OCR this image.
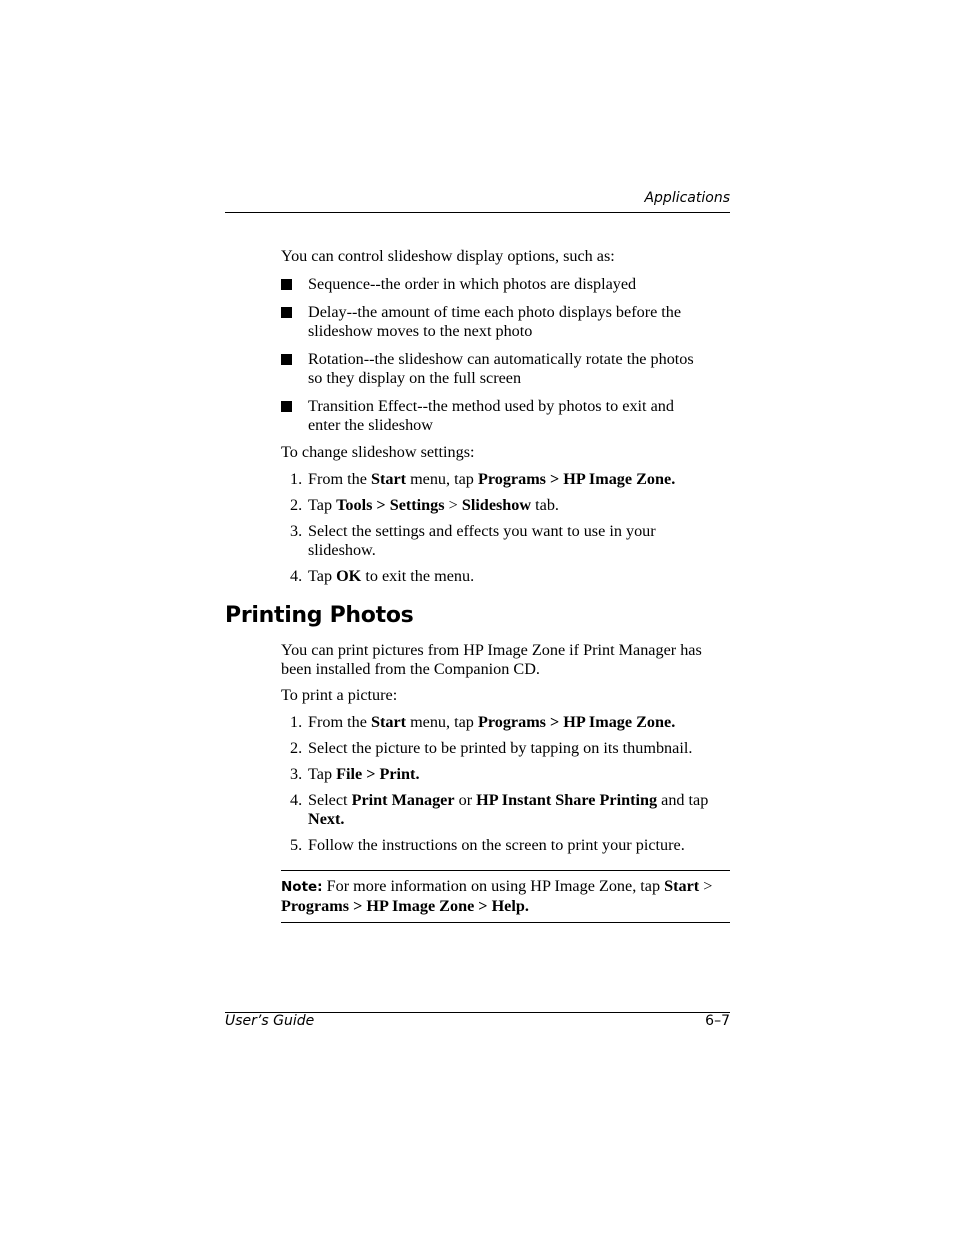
Applications

You can control slideshow display options, such as:

Sequence--the order in which photos are displayed
Delay--the amount of time each photo displays before the
slideshow moves to the next photo
Rotation--the slideshow can automatically rotate the photos
so they display on the full screen
Transition Effect--the method used by photos to exit and
enter the slideshow

To change slideshow settings:

1. From the Start menu, tap Programs > HP Image Zone.
2. Tap Tools > Settings > Slideshow tab.
3. Select the settings and effects you want to use in your
slideshow.
4. Tap OK to exit the menu.
Printing Photos

You can print pictures from HP Image Zone if Print Manager has
been installed from the Companion CD.

To print a picture:

1. From the Start menu, tap Programs > HP Image Zone.
2. Select the picture to be printed by tapping on its thumbnail.
3. Tap File > Print.
4. Select Print Manager or HP Instant Share Printing and tap
Next.
5. Follow the instructions on the screen to print your picture.
Note: For more information on using HP Image Zone, tap Start >
Programs > HP Image Zone > Help.
User’s Guide	6–7
